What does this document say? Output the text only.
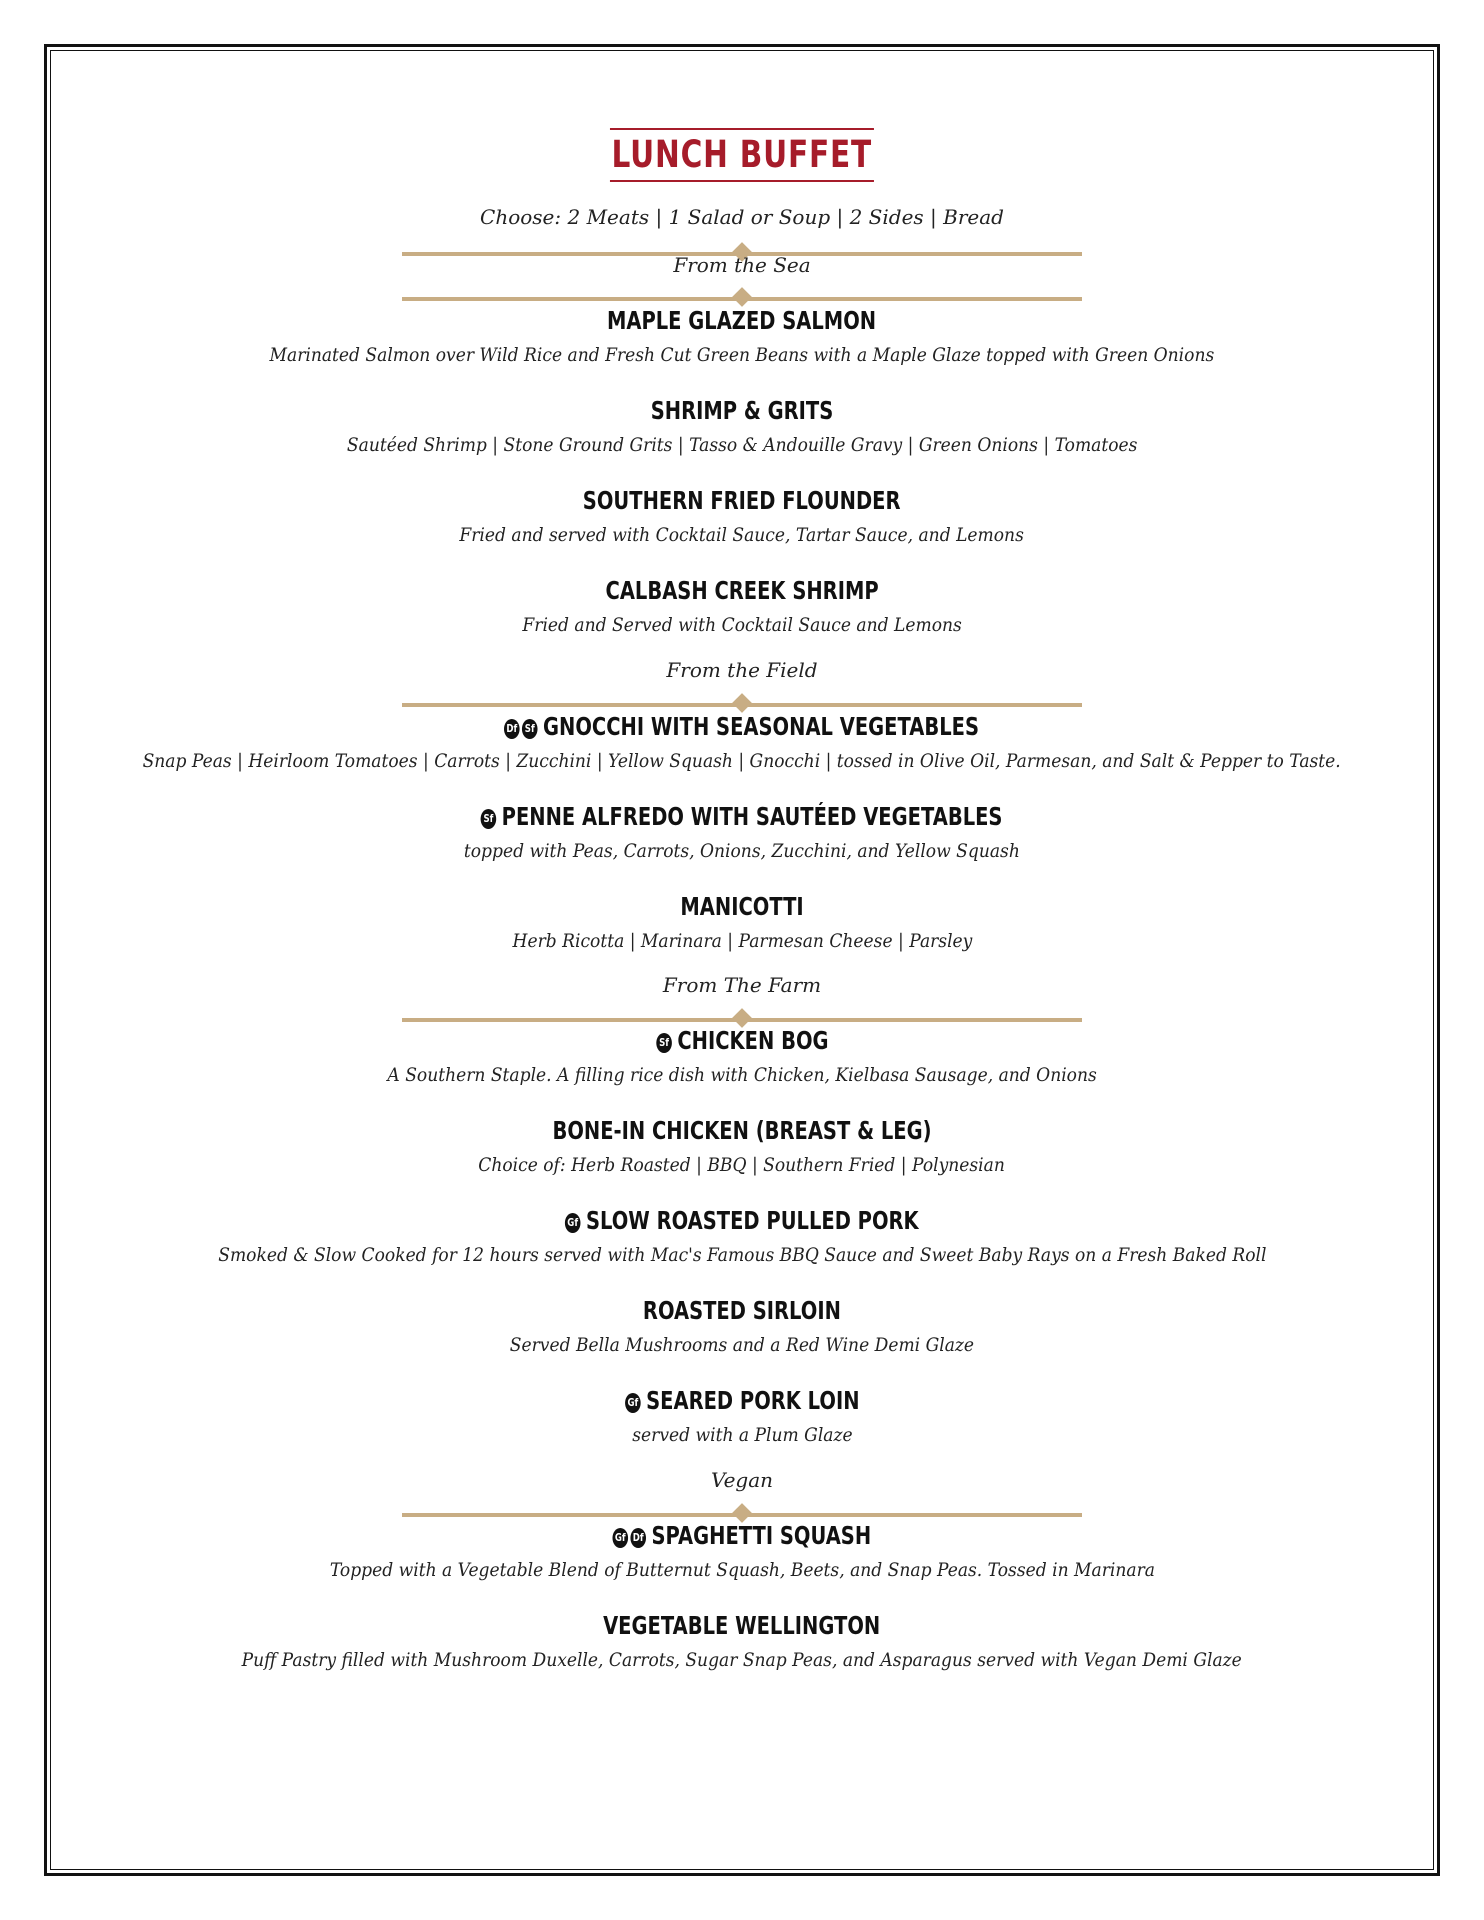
LUNCH BUFFET
Choose: 2 Meats | 1 Salad or Soup | 2 Sides | Bread
From the Sea
MAPLE GLAZED SALMON
Marinated Salmon over Wild Rice and Fresh Cut Green Beans with a Maple Glaze topped with Green Onions
SHRIMP & GRITS
Sautéed Shrimp | Stone Ground Grits | Tasso & Andouille Gravy | Green Onions | Tomatoes
SOUTHERN FRIED FLOUNDER
Fried and served with Cocktail Sauce, Tartar Sauce, and Lemons
CALBASH CREEK SHRIMP
Fried and Served with Cocktail Sauce and Lemons
From the Field
Df Sf GNOCCHI WITH SEASONAL VEGETABLES
Snap Peas | Heirloom Tomatoes | Carrots | Zucchini | Yellow Squash | Gnocchi | tossed in Olive Oil, Parmesan, and Salt & Pepper to Taste.
Sf PENNE ALFREDO WITH SAUTÉED VEGETABLES
topped with Peas, Carrots, Onions, Zucchini, and Yellow Squash
MANICOTTI
Herb Ricotta | Marinara | Parmesan Cheese | Parsley
From The Farm
Sf CHICKEN BOG
A Southern Staple. A filling rice dish with Chicken, Kielbasa Sausage, and Onions
BONE-IN CHICKEN (BREAST & LEG)
Choice of: Herb Roasted | BBQ | Southern Fried | Polynesian
Gf SLOW ROASTED PULLED PORK
Smoked & Slow Cooked for 12 hours served with Mac's Famous BBQ Sauce and Sweet Baby Rays on a Fresh Baked Roll
ROASTED SIRLOIN
Served Bella Mushrooms and a Red Wine Demi Glaze
Gf SEARED PORK LOIN
served with a Plum Glaze
Vegan
Gf Df SPAGHETTI SQUASH
Topped with a Vegetable Blend of Butternut Squash, Beets, and Snap Peas. Tossed in Marinara
VEGETABLE WELLINGTON
Puff Pastry filled with Mushroom Duxelle, Carrots, Sugar Snap Peas, and Asparagus served with Vegan Demi Glaze
